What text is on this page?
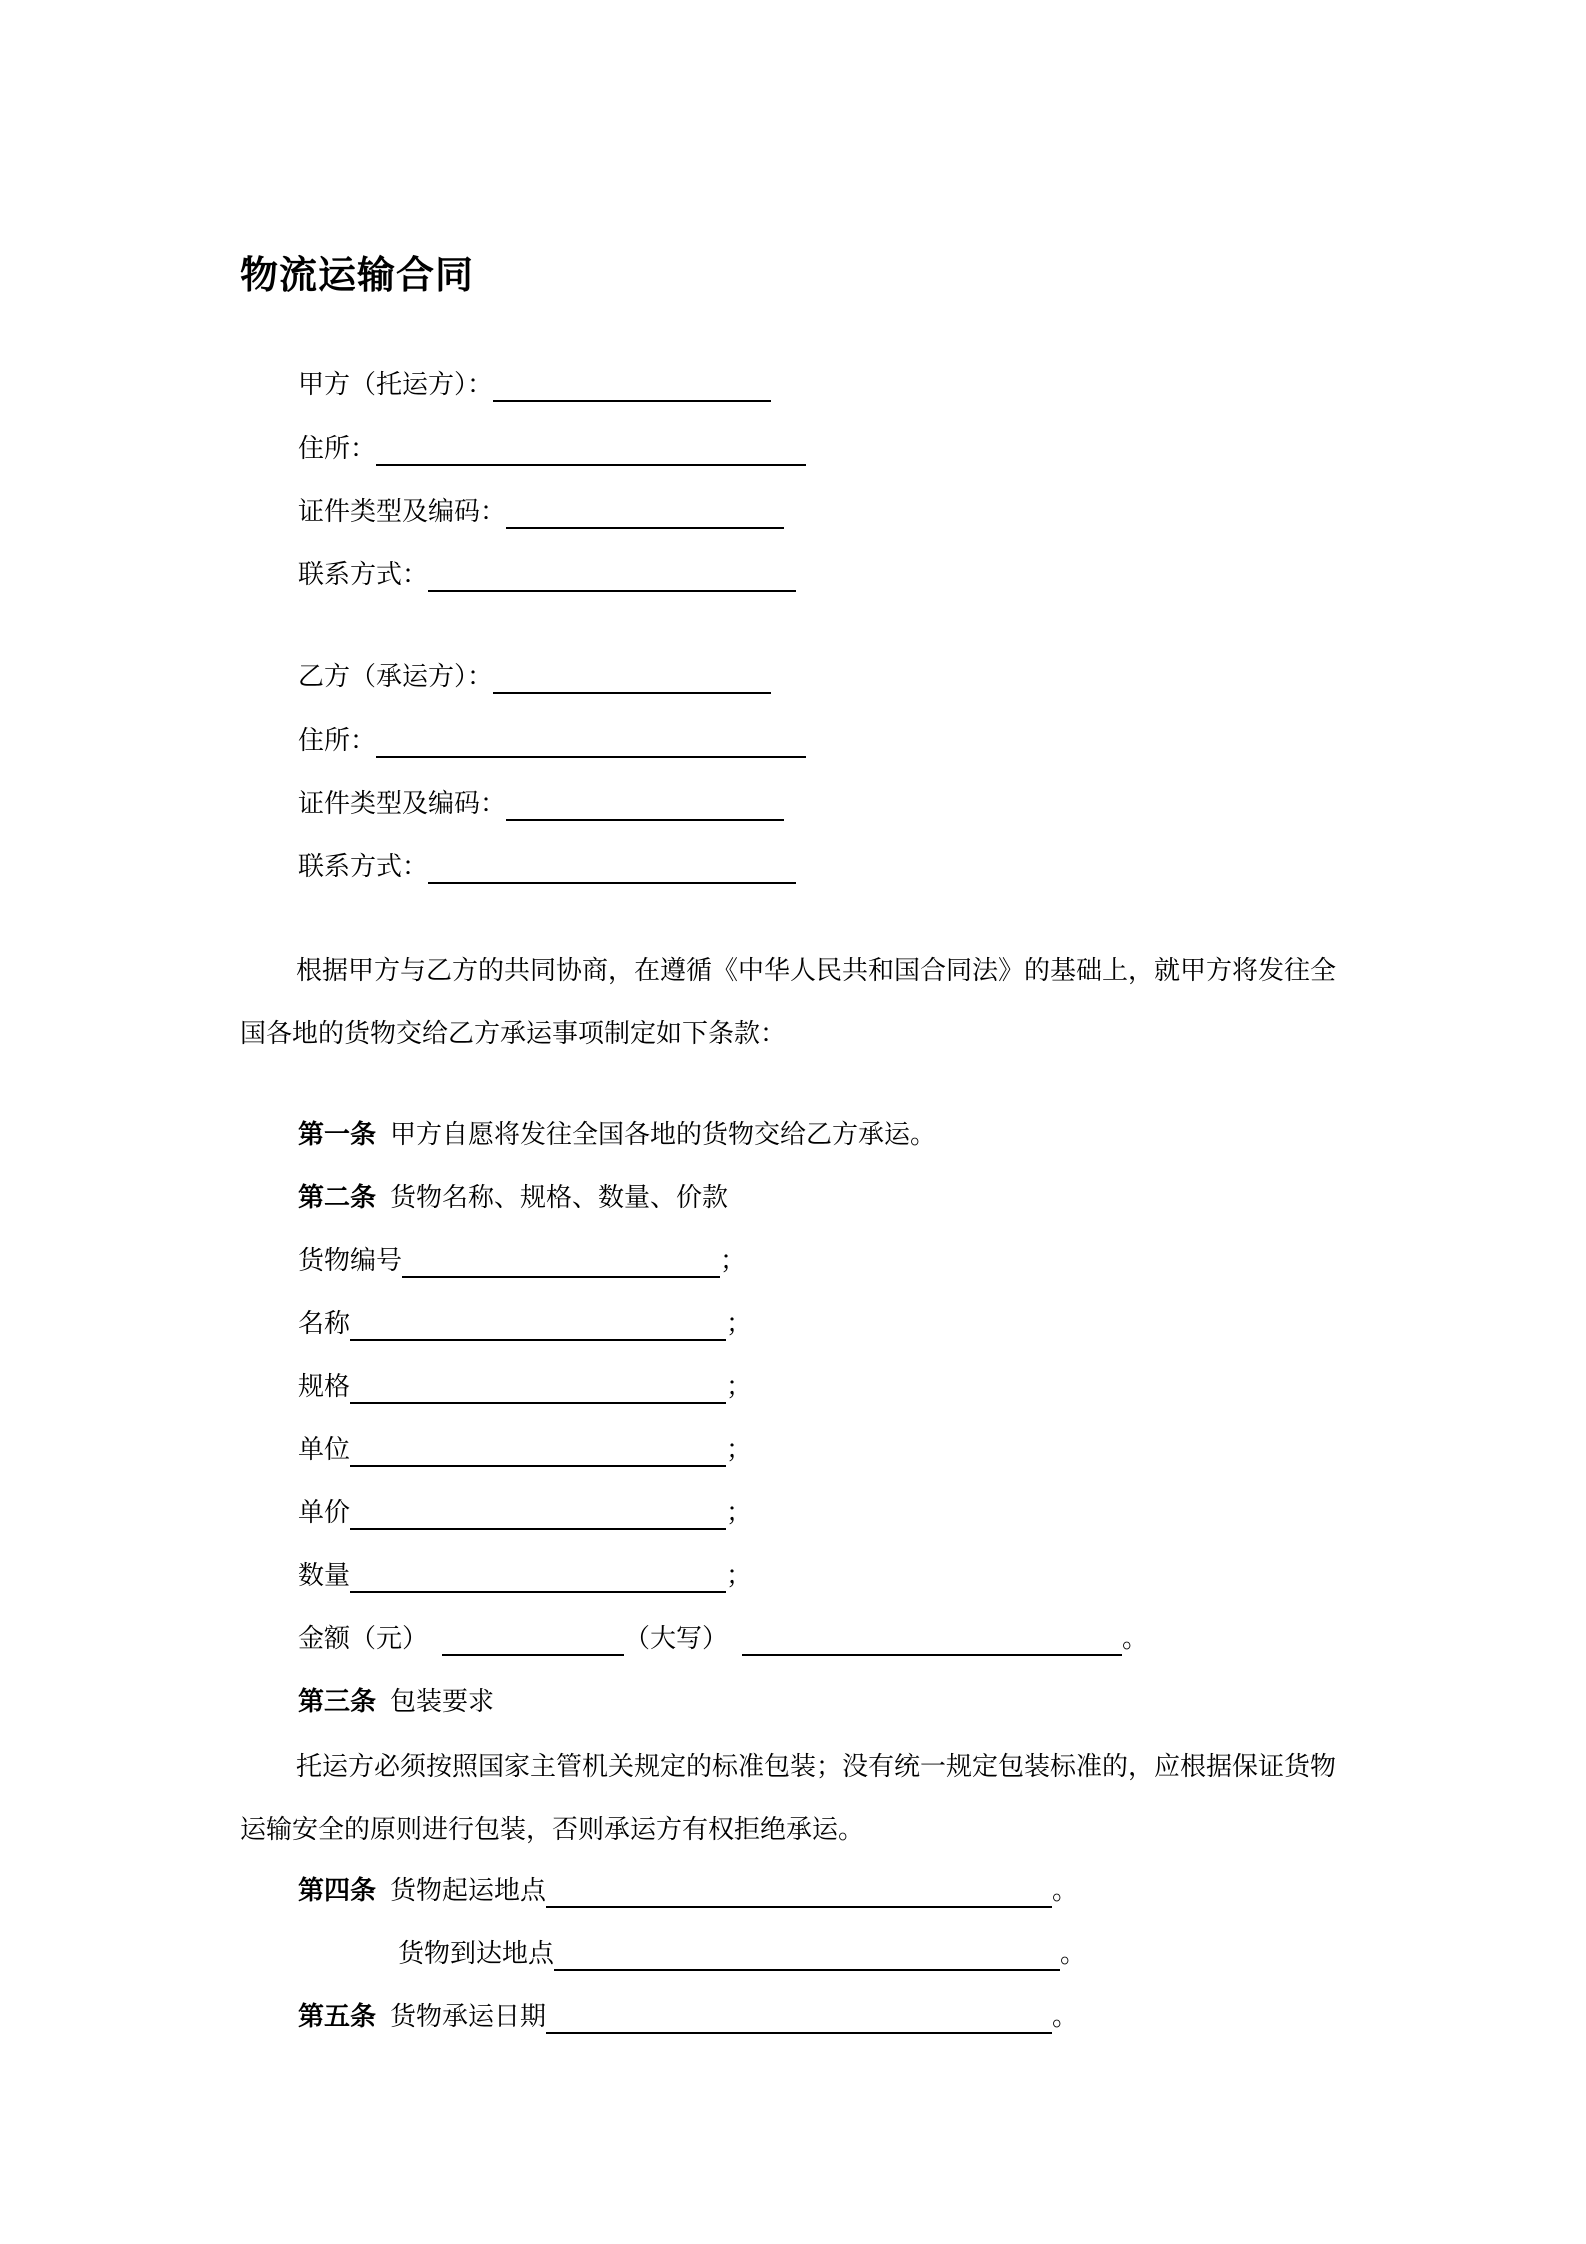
物流运输合同
甲方（托运方）：
住所：
证件类型及编码：
联系方式：
乙方（承运方）：
住所：
证件类型及编码：
联系方式：
根据甲方与乙方的共同协商，在遵循《中华人民共和国合同法》的基础上，就甲方将发往全国各地的货物交给乙方承运事项制定如下条款：
第一条 甲方自愿将发往全国各地的货物交给乙方承运。
第二条 货物名称、规格、数量、价款
货物编号	；
名称	；
规格	；
单位	；
单价	；
数量	；
金额（元）	（大写）	。
第三条 包装要求
托运方必须按照国家主管机关规定的标准包装；没有统一规定包装标准的，应根据保证货物运输安全的原则进行包装，否则承运方有权拒绝承运。
第四条 货物起运地点	。
货物到达地点	。
第五条 货物承运日期	。
